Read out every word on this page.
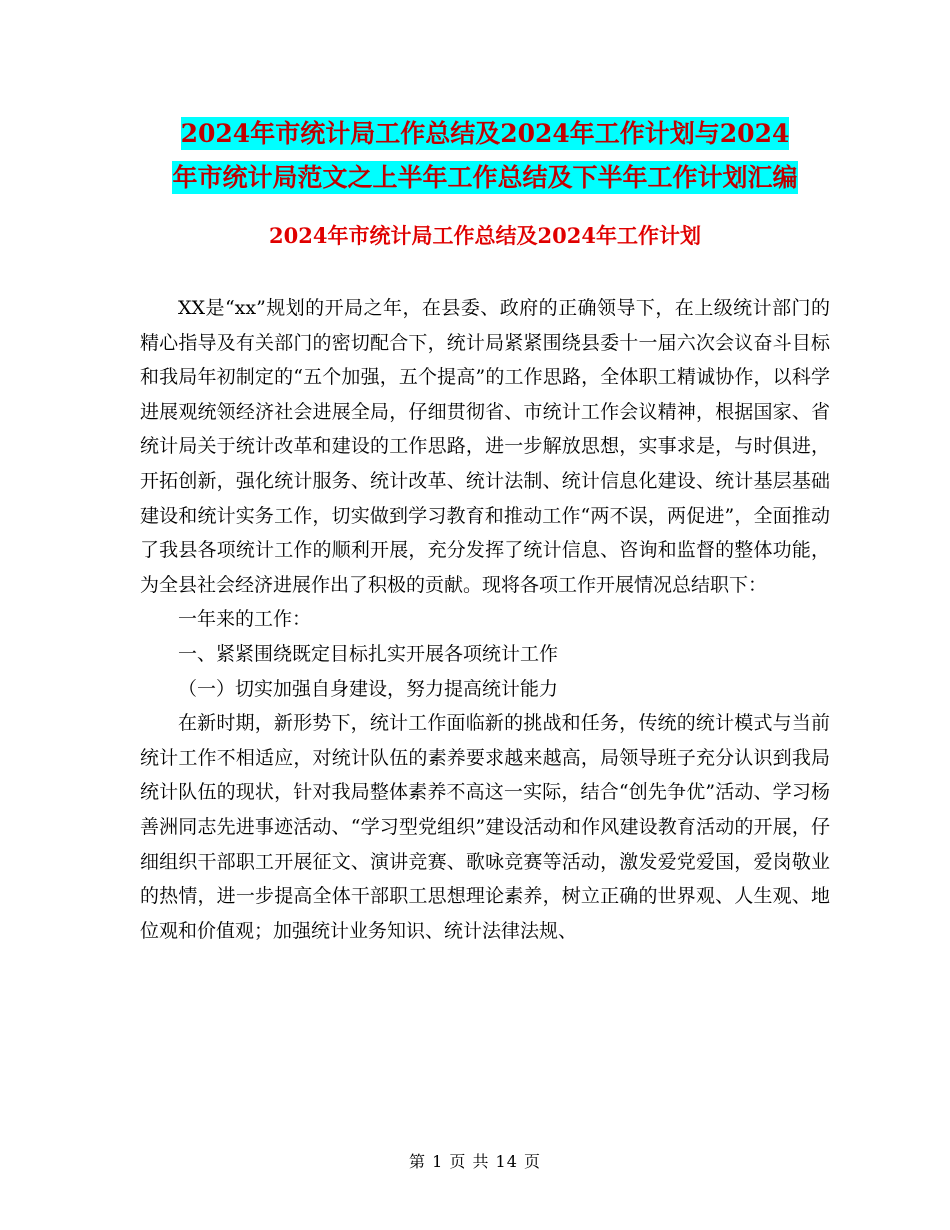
2024年市统计局工作总结及2024年工作计划与2024
年市统计局范文之上半年工作总结及下半年工作计划汇编
2024年市统计局工作总结及2024年工作计划

XX是“xx”规划的开局之年，在县委、政府的正确领导下，在上级统计部门的精心指导及有关部门的密切配合下，统计局紧紧围绕县委十一届六次会议奋斗目标和我局年初制定的“五个加强，五个提高”的工作思路，全体职工精诚协作，以科学进展观统领经济社会进展全局，仔细贯彻省、市统计工作会议精神，根据国家、省统计局关于统计改革和建设的工作思路，进一步解放思想，实事求是，与时俱进，开拓创新，强化统计服务、统计改革、统计法制、统计信息化建设、统计基层基础建设和统计实务工作，切实做到学习教育和推动工作“两不误，两促进”，全面推动了我县各项统计工作的顺利开展，充分发挥了统计信息、咨询和监督的整体功能，为全县社会经济进展作出了积极的贡献。现将各项工作开展情况总结职下：

一年来的工作：

一、紧紧围绕既定目标扎实开展各项统计工作

（一）切实加强自身建设，努力提高统计能力

在新时期，新形势下，统计工作面临新的挑战和任务，传统的统计模式与当前统计工作不相适应，对统计队伍的素养要求越来越高，局领导班子充分认识到我局统计队伍的现状，针对我局整体素养不高这一实际，结合“创先争优”活动、学习杨善洲同志先进事迹活动、“学习型党组织”建设活动和作风建设教育活动的开展，仔细组织干部职工开展征文、演讲竞赛、歌咏竞赛等活动，激发爱党爱国，爱岗敬业的热情，进一步提高全体干部职工思想理论素养，树立正确的世界观、人生观、地位观和价值观；加强统计业务知识、统计法律法规、

第 1 页 共 14 页
